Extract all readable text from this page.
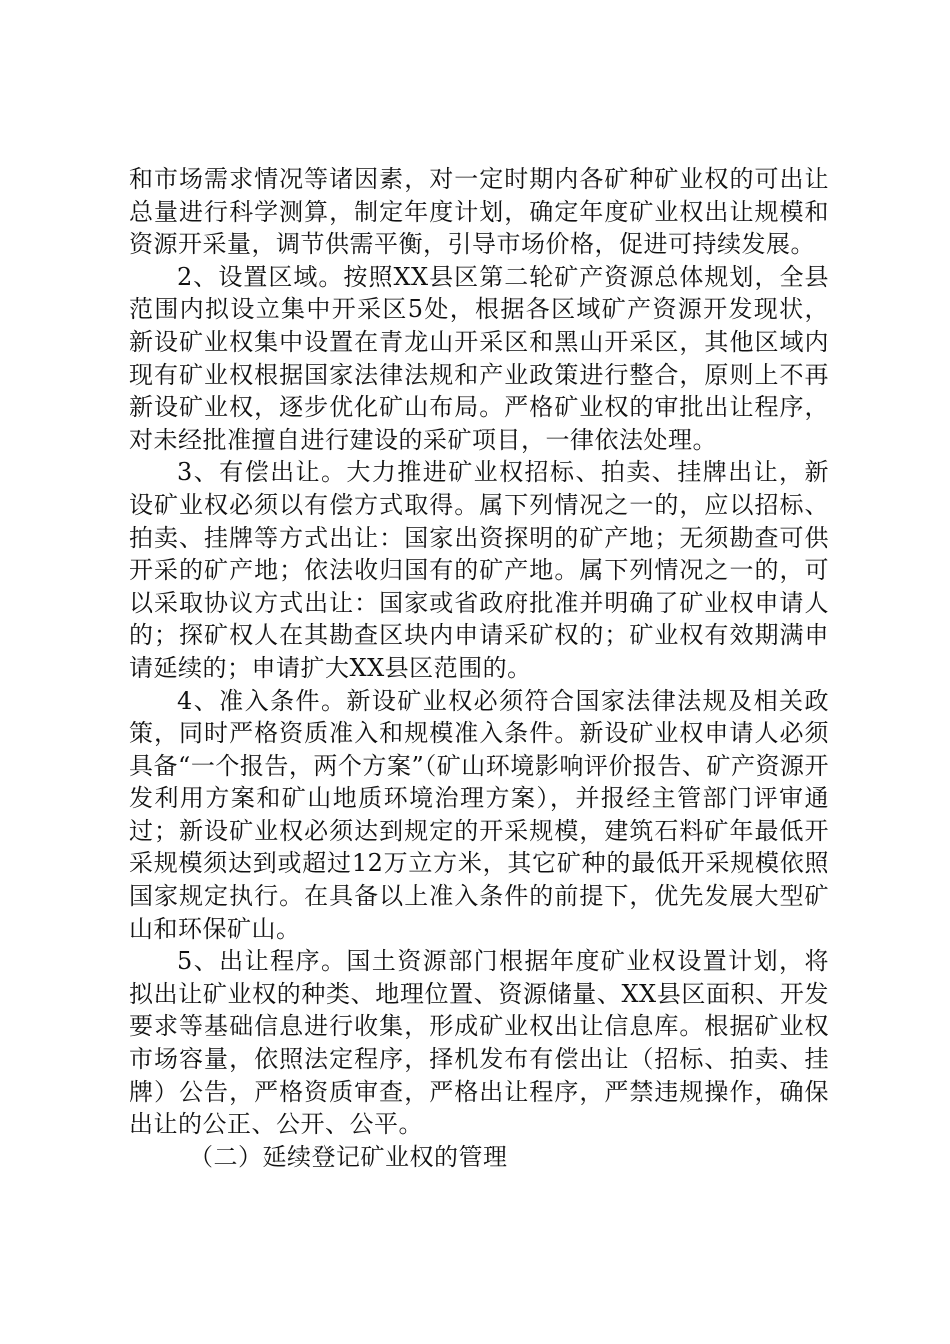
和市场需求情况等诸因素，对一定时期内各矿种矿业权的可出让总量进行科学测算，制定年度计划，确定年度矿业权出让规模和资源开采量，调节供需平衡，引导市场价格，促进可持续发展。

2、设置区域。按照XX县区第二轮矿产资源总体规划，全县范围内拟设立集中开采区5处，根据各区域矿产资源开发现状，新设矿业权集中设置在青龙山开采区和黑山开采区，其他区域内现有矿业权根据国家法律法规和产业政策进行整合，原则上不再新设矿业权，逐步优化矿山布局。严格矿业权的审批出让程序，对未经批准擅自进行建设的采矿项目，一律依法处理。

3、有偿出让。大力推进矿业权招标、拍卖、挂牌出让，新设矿业权必须以有偿方式取得。属下列情况之一的，应以招标、拍卖、挂牌等方式出让：国家出资探明的矿产地；无须勘查可供开采的矿产地；依法收归国有的矿产地。属下列情况之一的，可以采取协议方式出让：国家或省政府批准并明确了矿业权申请人的；探矿权人在其勘查区块内申请采矿权的；矿业权有效期满申请延续的；申请扩大XX县区范围的。

4、准入条件。新设矿业权必须符合国家法律法规及相关政策，同时严格资质准入和规模准入条件。新设矿业权申请人必须具备“一个报告，两个方案”（矿山环境影响评价报告、矿产资源开发利用方案和矿山地质环境治理方案），并报经主管部门评审通过；新设矿业权必须达到规定的开采规模，建筑石料矿年最低开采规模须达到或超过12万立方米，其它矿种的最低开采规模依照国家规定执行。在具备以上准入条件的前提下，优先发展大型矿山和环保矿山。

5、出让程序。国土资源部门根据年度矿业权设置计划，将拟出让矿业权的种类、地理位置、资源储量、XX县区面积、开发要求等基础信息进行收集，形成矿业权出让信息库。根据矿业权市场容量，依照法定程序，择机发布有偿出让（招标、拍卖、挂牌）公告，严格资质审查，严格出让程序，严禁违规操作，确保出让的公正、公开、公平。

（二）延续登记矿业权的管理
